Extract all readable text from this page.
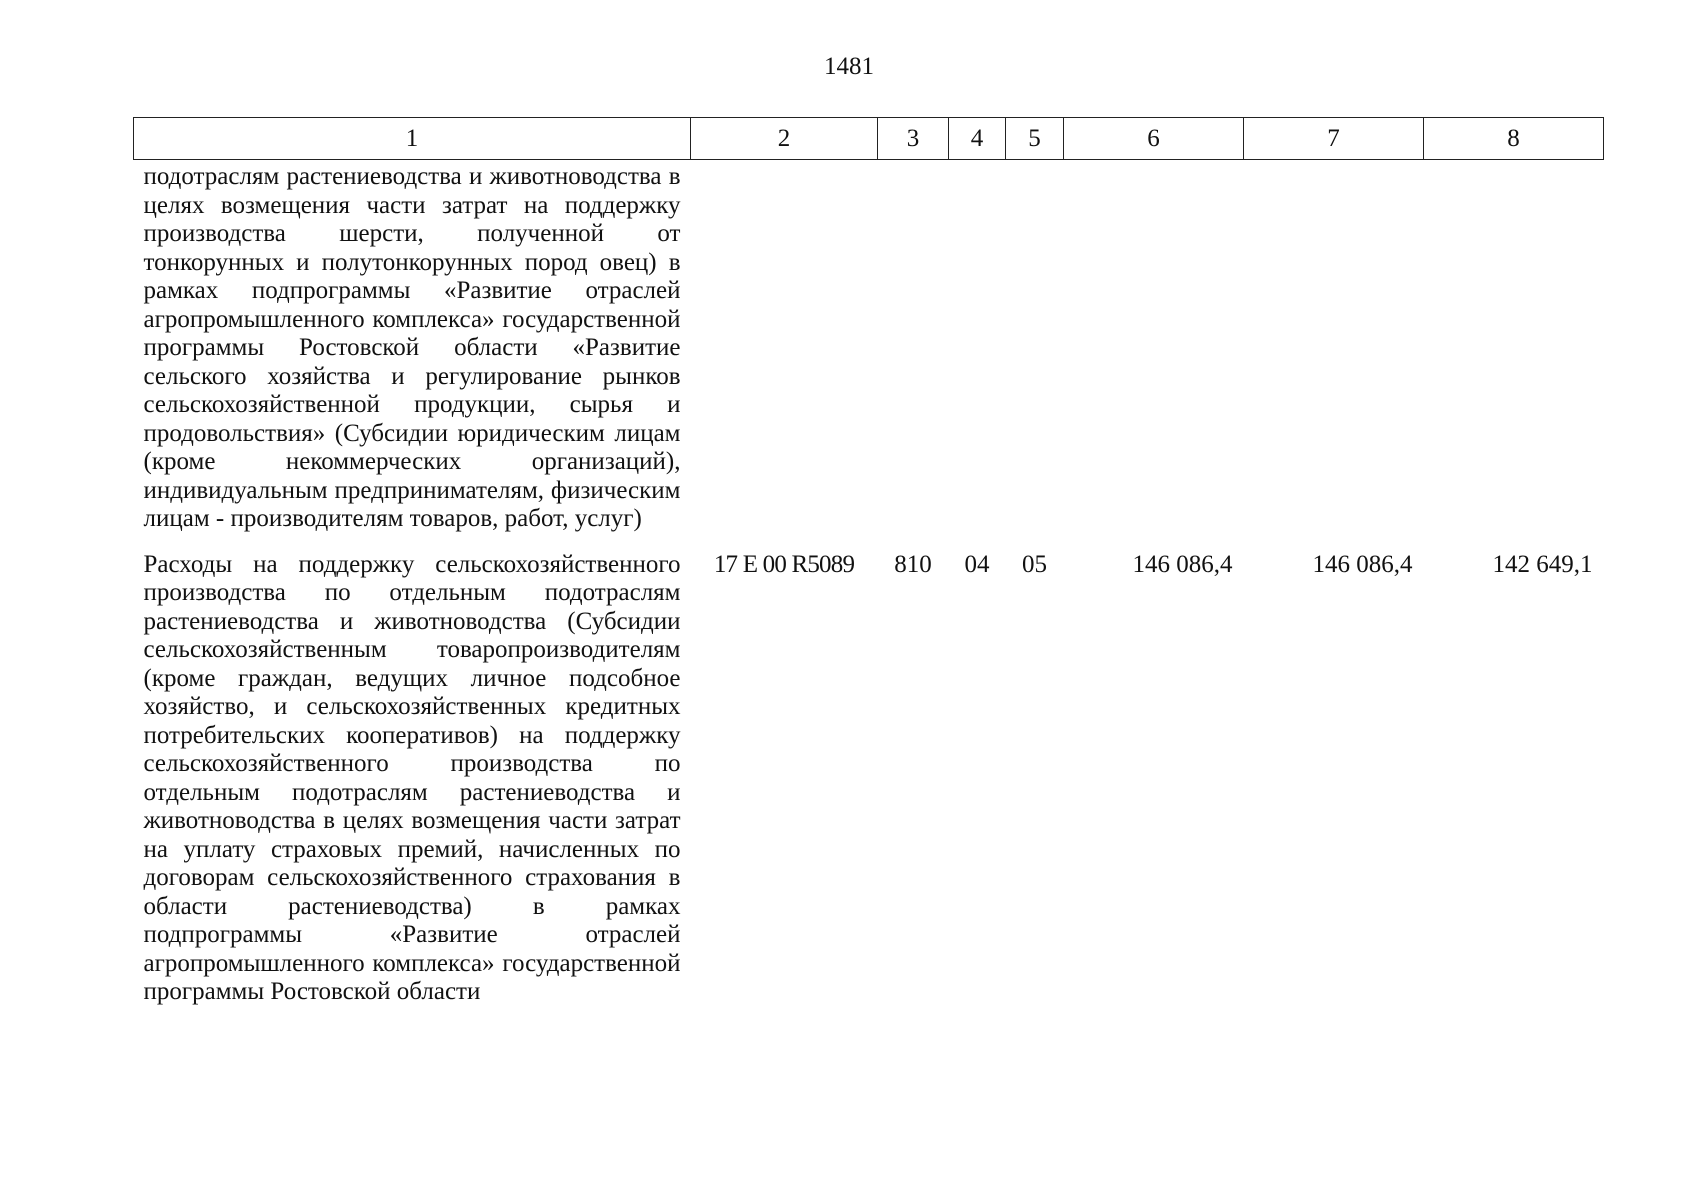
1481
1	2	3	4	5	6	7	8
подотраслям растениеводства и животноводства в целях возмещения части затрат на поддержку производства шерсти, полученной от тонкорунных и полутонкорунных пород овец) в рамках подпрограммы «Развитие отраслей агропромышленного комплекса» государственной программы Ростовской области «Развитие сельского хозяйства и регулирование рынков сельскохозяйственной продукции, сырья и продовольствия» (Субсидии юридическим лицам (кроме некоммерческих организаций), индивидуальным предпринимателям, физическим лицам - производителям товаров, работ, услуг)							
Расходы на поддержку сельскохозяйственного производства по отдельным подотраслям растениеводства и животноводства (Субсидии сельскохозяйственным товаропроизводителям (кроме граждан, ведущих личное подсобное хозяйство, и сельскохозяйственных кредитных потребительских кооперативов) на поддержку сельскохозяйственного производства по отдельным подотраслям растениеводства и животноводства в целях возмещения части затрат на уплату страховых премий, начисленных по договорам сельскохозяйственного страхования в области растениеводства) в рамках подпрограммы «Развитие отраслей агропромышленного комплекса» государственной программы Ростовской области	17 Е 00 R5089	810	04	05	146 086,4	146 086,4	142 649,1
